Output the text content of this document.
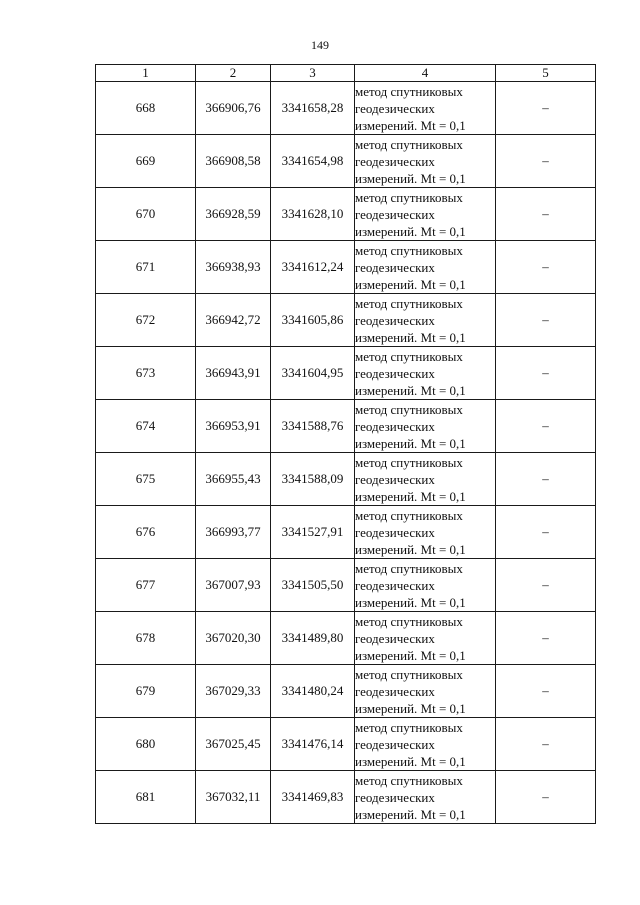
149
1	2	3	4	5
668	366906,76	3341658,28	метод спутниковых
геодезических
измерений. Mt = 0,1	–
669	366908,58	3341654,98	метод спутниковых
геодезических
измерений. Mt = 0,1	–
670	366928,59	3341628,10	метод спутниковых
геодезических
измерений. Mt = 0,1	–
671	366938,93	3341612,24	метод спутниковых
геодезических
измерений. Mt = 0,1	–
672	366942,72	3341605,86	метод спутниковых
геодезических
измерений. Mt = 0,1	–
673	366943,91	3341604,95	метод спутниковых
геодезических
измерений. Mt = 0,1	–
674	366953,91	3341588,76	метод спутниковых
геодезических
измерений. Mt = 0,1	–
675	366955,43	3341588,09	метод спутниковых
геодезических
измерений. Mt = 0,1	–
676	366993,77	3341527,91	метод спутниковых
геодезических
измерений. Mt = 0,1	–
677	367007,93	3341505,50	метод спутниковых
геодезических
измерений. Mt = 0,1	–
678	367020,30	3341489,80	метод спутниковых
геодезических
измерений. Mt = 0,1	–
679	367029,33	3341480,24	метод спутниковых
геодезических
измерений. Mt = 0,1	–
680	367025,45	3341476,14	метод спутниковых
геодезических
измерений. Mt = 0,1	–
681	367032,11	3341469,83	метод спутниковых
геодезических
измерений. Mt = 0,1	–
